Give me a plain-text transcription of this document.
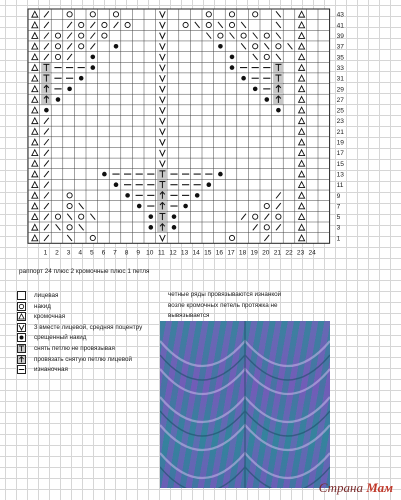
43
41
39
37
35
33
31
29
27
25
23
21
19
17
15
13
11
9
7
5
3
1
1 2 3 4 5 6 7 8 9 10 11 12 13 14 15 16 17 18 19 20 21 22 23 24
раппорт 24 плюс 2 кромочные плюс 1 петля
лицевая
накид
кромочная
3 вместе лицевой, средняя поцентру
срещенный накид
снять петлю не провязывая
провязать снятую петлю лицевой
изнаночная
четные ряды провязываются изнанкой
возле кромочных петель протяжка не
вывязывается
Страна Мам
